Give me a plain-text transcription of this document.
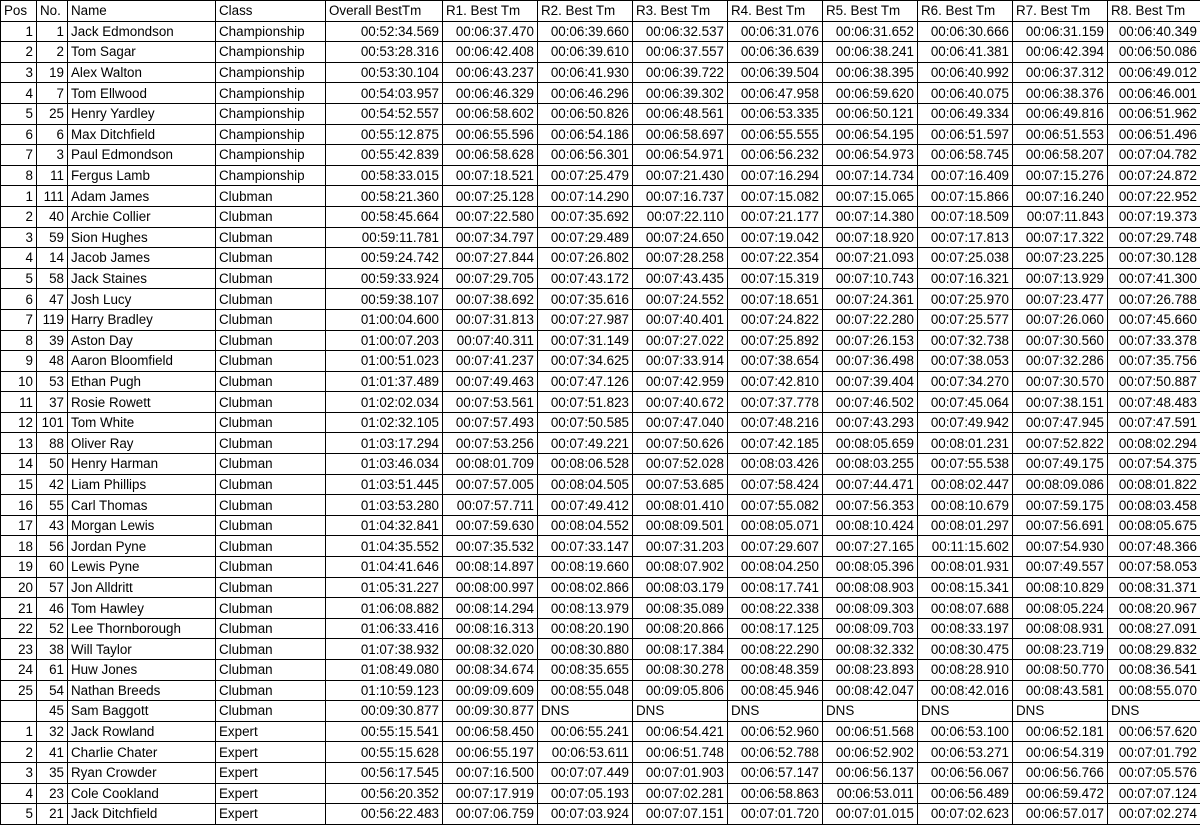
Pos	No.	Name	Class	Overall BestTm	R1. Best Tm	R2. Best Tm	R3. Best Tm	R4. Best Tm	R5. Best Tm	R6. Best Tm	R7. Best Tm	R8. Best Tm
1	1	Jack Edmondson	Championship	00:52:34.569	00:06:37.470	00:06:39.660	00:06:32.537	00:06:31.076	00:06:31.652	00:06:30.666	00:06:31.159	00:06:40.349
2	2	Tom Sagar	Championship	00:53:28.316	00:06:42.408	00:06:39.610	00:06:37.557	00:06:36.639	00:06:38.241	00:06:41.381	00:06:42.394	00:06:50.086
3	19	Alex Walton	Championship	00:53:30.104	00:06:43.237	00:06:41.930	00:06:39.722	00:06:39.504	00:06:38.395	00:06:40.992	00:06:37.312	00:06:49.012
4	7	Tom Ellwood	Championship	00:54:03.957	00:06:46.329	00:06:46.296	00:06:39.302	00:06:47.958	00:06:59.620	00:06:40.075	00:06:38.376	00:06:46.001
5	25	Henry Yardley	Championship	00:54:52.557	00:06:58.602	00:06:50.826	00:06:48.561	00:06:53.335	00:06:50.121	00:06:49.334	00:06:49.816	00:06:51.962
6	6	Max Ditchfield	Championship	00:55:12.875	00:06:55.596	00:06:54.186	00:06:58.697	00:06:55.555	00:06:54.195	00:06:51.597	00:06:51.553	00:06:51.496
7	3	Paul Edmondson	Championship	00:55:42.839	00:06:58.628	00:06:56.301	00:06:54.971	00:06:56.232	00:06:54.973	00:06:58.745	00:06:58.207	00:07:04.782
8	11	Fergus Lamb	Championship	00:58:33.015	00:07:18.521	00:07:25.479	00:07:21.430	00:07:16.294	00:07:14.734	00:07:16.409	00:07:15.276	00:07:24.872
1	111	Adam James	Clubman	00:58:21.360	00:07:25.128	00:07:14.290	00:07:16.737	00:07:15.082	00:07:15.065	00:07:15.866	00:07:16.240	00:07:22.952
2	40	Archie Collier	Clubman	00:58:45.664	00:07:22.580	00:07:35.692	00:07:22.110	00:07:21.177	00:07:14.380	00:07:18.509	00:07:11.843	00:07:19.373
3	59	Sion Hughes	Clubman	00:59:11.781	00:07:34.797	00:07:29.489	00:07:24.650	00:07:19.042	00:07:18.920	00:07:17.813	00:07:17.322	00:07:29.748
4	14	Jacob James	Clubman	00:59:24.742	00:07:27.844	00:07:26.802	00:07:28.258	00:07:22.354	00:07:21.093	00:07:25.038	00:07:23.225	00:07:30.128
5	58	Jack Staines	Clubman	00:59:33.924	00:07:29.705	00:07:43.172	00:07:43.435	00:07:15.319	00:07:10.743	00:07:16.321	00:07:13.929	00:07:41.300
6	47	Josh Lucy	Clubman	00:59:38.107	00:07:38.692	00:07:35.616	00:07:24.552	00:07:18.651	00:07:24.361	00:07:25.970	00:07:23.477	00:07:26.788
7	119	Harry Bradley	Clubman	01:00:04.600	00:07:31.813	00:07:27.987	00:07:40.401	00:07:24.822	00:07:22.280	00:07:25.577	00:07:26.060	00:07:45.660
8	39	Aston Day	Clubman	01:00:07.203	00:07:40.311	00:07:31.149	00:07:27.022	00:07:25.892	00:07:26.153	00:07:32.738	00:07:30.560	00:07:33.378
9	48	Aaron Bloomfield	Clubman	01:00:51.023	00:07:41.237	00:07:34.625	00:07:33.914	00:07:38.654	00:07:36.498	00:07:38.053	00:07:32.286	00:07:35.756
10	53	Ethan Pugh	Clubman	01:01:37.489	00:07:49.463	00:07:47.126	00:07:42.959	00:07:42.810	00:07:39.404	00:07:34.270	00:07:30.570	00:07:50.887
11	37	Rosie Rowett	Clubman	01:02:02.034	00:07:53.561	00:07:51.823	00:07:40.672	00:07:37.778	00:07:46.502	00:07:45.064	00:07:38.151	00:07:48.483
12	101	Tom White	Clubman	01:02:32.105	00:07:57.493	00:07:50.585	00:07:47.040	00:07:48.216	00:07:43.293	00:07:49.942	00:07:47.945	00:07:47.591
13	88	Oliver Ray	Clubman	01:03:17.294	00:07:53.256	00:07:49.221	00:07:50.626	00:07:42.185	00:08:05.659	00:08:01.231	00:07:52.822	00:08:02.294
14	50	Henry Harman	Clubman	01:03:46.034	00:08:01.709	00:08:06.528	00:07:52.028	00:08:03.426	00:08:03.255	00:07:55.538	00:07:49.175	00:07:54.375
15	42	Liam Phillips	Clubman	01:03:51.445	00:07:57.005	00:08:04.505	00:07:53.685	00:07:58.424	00:07:44.471	00:08:02.447	00:08:09.086	00:08:01.822
16	55	Carl Thomas	Clubman	01:03:53.280	00:07:57.711	00:07:49.412	00:08:01.410	00:07:55.082	00:07:56.353	00:08:10.679	00:07:59.175	00:08:03.458
17	43	Morgan Lewis	Clubman	01:04:32.841	00:07:59.630	00:08:04.552	00:08:09.501	00:08:05.071	00:08:10.424	00:08:01.297	00:07:56.691	00:08:05.675
18	56	Jordan Pyne	Clubman	01:04:35.552	00:07:35.532	00:07:33.147	00:07:31.203	00:07:29.607	00:07:27.165	00:11:15.602	00:07:54.930	00:07:48.366
19	60	Lewis Pyne	Clubman	01:04:41.646	00:08:14.897	00:08:19.660	00:08:07.902	00:08:04.250	00:08:05.396	00:08:01.931	00:07:49.557	00:07:58.053
20	57	Jon Alldritt	Clubman	01:05:31.227	00:08:00.997	00:08:02.866	00:08:03.179	00:08:17.741	00:08:08.903	00:08:15.341	00:08:10.829	00:08:31.371
21	46	Tom Hawley	Clubman	01:06:08.882	00:08:14.294	00:08:13.979	00:08:35.089	00:08:22.338	00:08:09.303	00:08:07.688	00:08:05.224	00:08:20.967
22	52	Lee Thornborough	Clubman	01:06:33.416	00:08:16.313	00:08:20.190	00:08:20.866	00:08:17.125	00:08:09.703	00:08:33.197	00:08:08.931	00:08:27.091
23	38	Will Taylor	Clubman	01:07:38.932	00:08:32.020	00:08:30.880	00:08:17.384	00:08:22.290	00:08:32.332	00:08:30.475	00:08:23.719	00:08:29.832
24	61	Huw Jones	Clubman	01:08:49.080	00:08:34.674	00:08:35.655	00:08:30.278	00:08:48.359	00:08:23.893	00:08:28.910	00:08:50.770	00:08:36.541
25	54	Nathan Breeds	Clubman	01:10:59.123	00:09:09.609	00:08:55.048	00:09:05.806	00:08:45.946	00:08:42.047	00:08:42.016	00:08:43.581	00:08:55.070
	45	Sam Baggott	Clubman	00:09:30.877	00:09:30.877	DNS	DNS	DNS	DNS	DNS	DNS	DNS
1	32	Jack Rowland	Expert	00:55:15.541	00:06:58.450	00:06:55.241	00:06:54.421	00:06:52.960	00:06:51.568	00:06:53.100	00:06:52.181	00:06:57.620
2	41	Charlie Chater	Expert	00:55:15.628	00:06:55.197	00:06:53.611	00:06:51.748	00:06:52.788	00:06:52.902	00:06:53.271	00:06:54.319	00:07:01.792
3	35	Ryan Crowder	Expert	00:56:17.545	00:07:16.500	00:07:07.449	00:07:01.903	00:06:57.147	00:06:56.137	00:06:56.067	00:06:56.766	00:07:05.576
4	23	Cole Cookland	Expert	00:56:20.352	00:07:17.919	00:07:05.193	00:07:02.281	00:06:58.863	00:06:53.011	00:06:56.489	00:06:59.472	00:07:07.124
5	21	Jack Ditchfield	Expert	00:56:22.483	00:07:06.759	00:07:03.924	00:07:07.151	00:07:01.720	00:07:01.015	00:07:02.623	00:06:57.017	00:07:02.274
